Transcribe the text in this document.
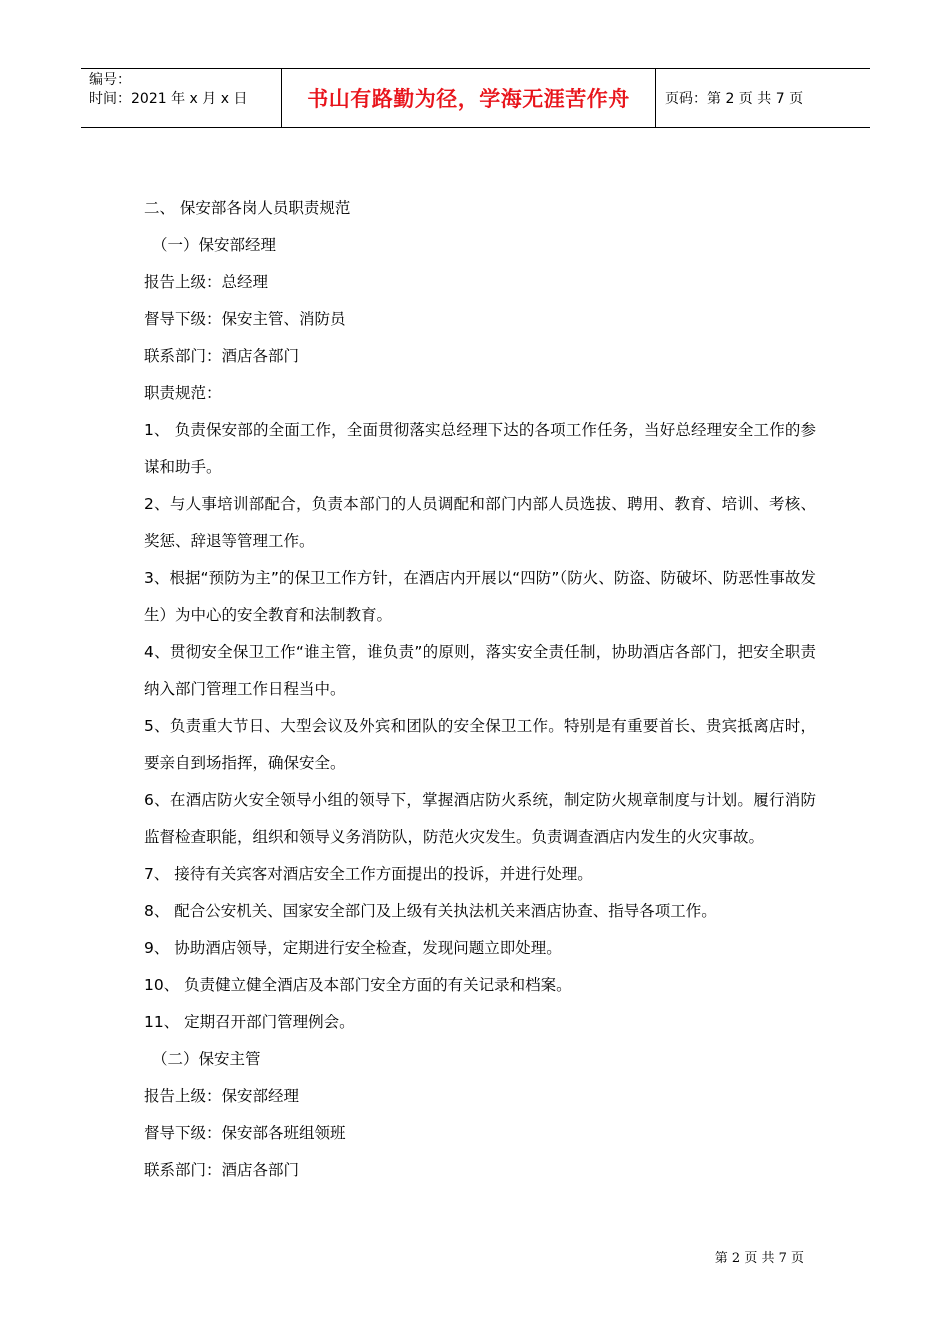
编号：
时间：2021 年 x 月 x 日	书山有路勤为径，学海无涯苦作舟	页码：第 2 页 共 7 页

二、 保安部各岗人员职责规范

（一）保安部经理

报告上级：总经理

督导下级：保安主管、消防员

联系部门：酒店各部门

职责规范：

1、 负责保安部的全面工作，全面贯彻落实总经理下达的各项工作任务，当好总经理安全工作的参谋和助手。

2、与人事培训部配合，负责本部门的人员调配和部门内部人员选拔、聘用、教育、培训、考核、奖惩、辞退等管理工作。

3、根据“预防为主”的保卫工作方针，在酒店内开展以“四防”（防火、防盗、防破坏、防恶性事故发生）为中心的安全教育和法制教育。

4、贯彻安全保卫工作“谁主管，谁负责”的原则，落实安全责任制，协助酒店各部门，把安全职责纳入部门管理工作日程当中。

5、负责重大节日、大型会议及外宾和团队的安全保卫工作。特别是有重要首长、贵宾抵离店时，要亲自到场指挥，确保安全。

6、在酒店防火安全领导小组的领导下，掌握酒店防火系统，制定防火规章制度与计划。履行消防监督检查职能，组织和领导义务消防队，防范火灾发生。负责调查酒店内发生的火灾事故。

7、 接待有关宾客对酒店安全工作方面提出的投诉，并进行处理。

8、 配合公安机关、国家安全部门及上级有关执法机关来酒店协查、指导各项工作。

9、 协助酒店领导，定期进行安全检查，发现问题立即处理。

10、 负责健立健全酒店及本部门安全方面的有关记录和档案。

11、 定期召开部门管理例会。

（二）保安主管

报告上级：保安部经理

督导下级：保安部各班组领班

联系部门：酒店各部门

第 2 页 共 7 页
